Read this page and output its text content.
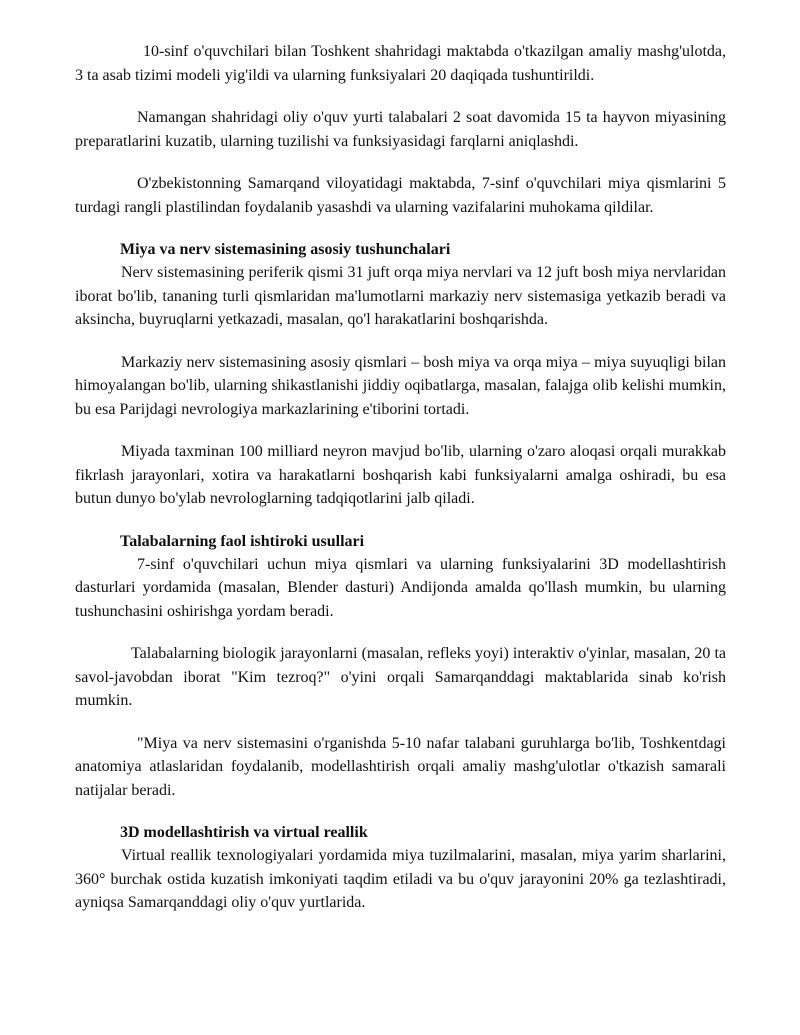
10-sinf o'quvchilari bilan Toshkent shahridagi maktabda o'tkazilgan amaliy mashg'ulotda, 3 ta asab tizimi modeli yig'ildi va ularning funksiyalari 20 daqiqada tushuntirildi.

Namangan shahridagi oliy o'quv yurti talabalari 2 soat davomida 15 ta hayvon miyasining preparatlarini kuzatib, ularning tuzilishi va funksiyasidagi farqlarni aniqlashdi.

O'zbekistonning Samarqand viloyatidagi maktabda, 7-sinf o'quvchilari miya qismlarini 5 turdagi rangli plastilindan foydalanib yasashdi va ularning vazifalarini muhokama qildilar.

Miya va nerv sistemasining asosiy tushunchalari

Nerv sistemasining periferik qismi 31 juft orqa miya nervlari va 12 juft bosh miya nervlaridan iborat bo'lib, tananing turli qismlaridan ma'lumotlarni markaziy nerv sistemasiga yetkazib beradi va aksincha, buyruqlarni yetkazadi, masalan, qo'l harakatlarini boshqarishda.

Markaziy nerv sistemasining asosiy qismlari – bosh miya va orqa miya – miya suyuqligi bilan himoyalangan bo'lib, ularning shikastlanishi jiddiy oqibatlarga, masalan, falajga olib kelishi mumkin, bu esa Parijdagi nevrologiya markazlarining e'tiborini tortadi.

Miyada taxminan 100 milliard neyron mavjud bo'lib, ularning o'zaro aloqasi orqali murakkab fikrlash jarayonlari, xotira va harakatlarni boshqarish kabi funksiyalarni amalga oshiradi, bu esa butun dunyo bo'ylab nevrologlarning tadqiqotlarini jalb qiladi.

Talabalarning faol ishtiroki usullari

7-sinf o'quvchilari uchun miya qismlari va ularning funksiyalarini 3D modellashtirish dasturlari yordamida (masalan, Blender dasturi) Andijonda amalda qo'llash mumkin, bu ularning tushunchasini oshirishga yordam beradi.

Talabalarning biologik jarayonlarni (masalan, refleks yoyi) interaktiv o'yinlar, masalan, 20 ta savol-javobdan iborat "Kim tezroq?" o'yini orqali Samarqanddagi maktablarida sinab ko'rish mumkin.

"Miya va nerv sistemasini o'rganishda 5-10 nafar talabani guruhlarga bo'lib, Toshkentdagi anatomiya atlaslaridan foydalanib, modellashtirish orqali amaliy mashg'ulotlar o'tkazish samarali natijalar beradi.

3D modellashtirish va virtual reallik

Virtual reallik texnologiyalari yordamida miya tuzilmalarini, masalan, miya yarim sharlarini, 360° burchak ostida kuzatish imkoniyati taqdim etiladi va bu o'quv jarayonini 20% ga tezlashtiradi, ayniqsa Samarqanddagi oliy o'quv yurtlarida.
